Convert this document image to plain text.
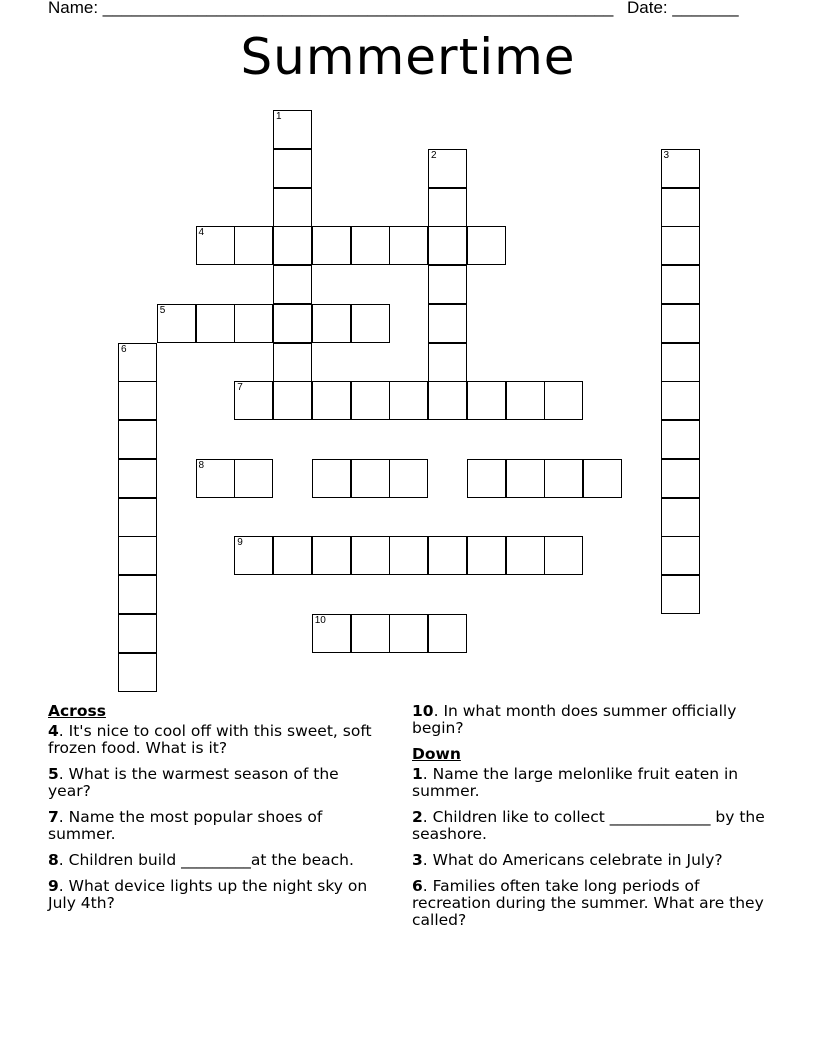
Name: ______________________________________________________ Date: _______
Summertime
1
2	3
4
5
6
7
8
9
10
Across
4. It's nice to cool off with this sweet, soft frozen food. What is it?
5. What is the warmest season of the year?
7. Name the most popular shoes of summer.
8. Children build _________at the beach.
9. What device lights up the night sky on July 4th?
10. In what month does summer officially begin?
Down
1. Name the large melonlike fruit eaten in summer.
2. Children like to collect _____________ by the seashore.
3. What do Americans celebrate in July?
6. Families often take long periods of recreation during the summer. What are they called?
